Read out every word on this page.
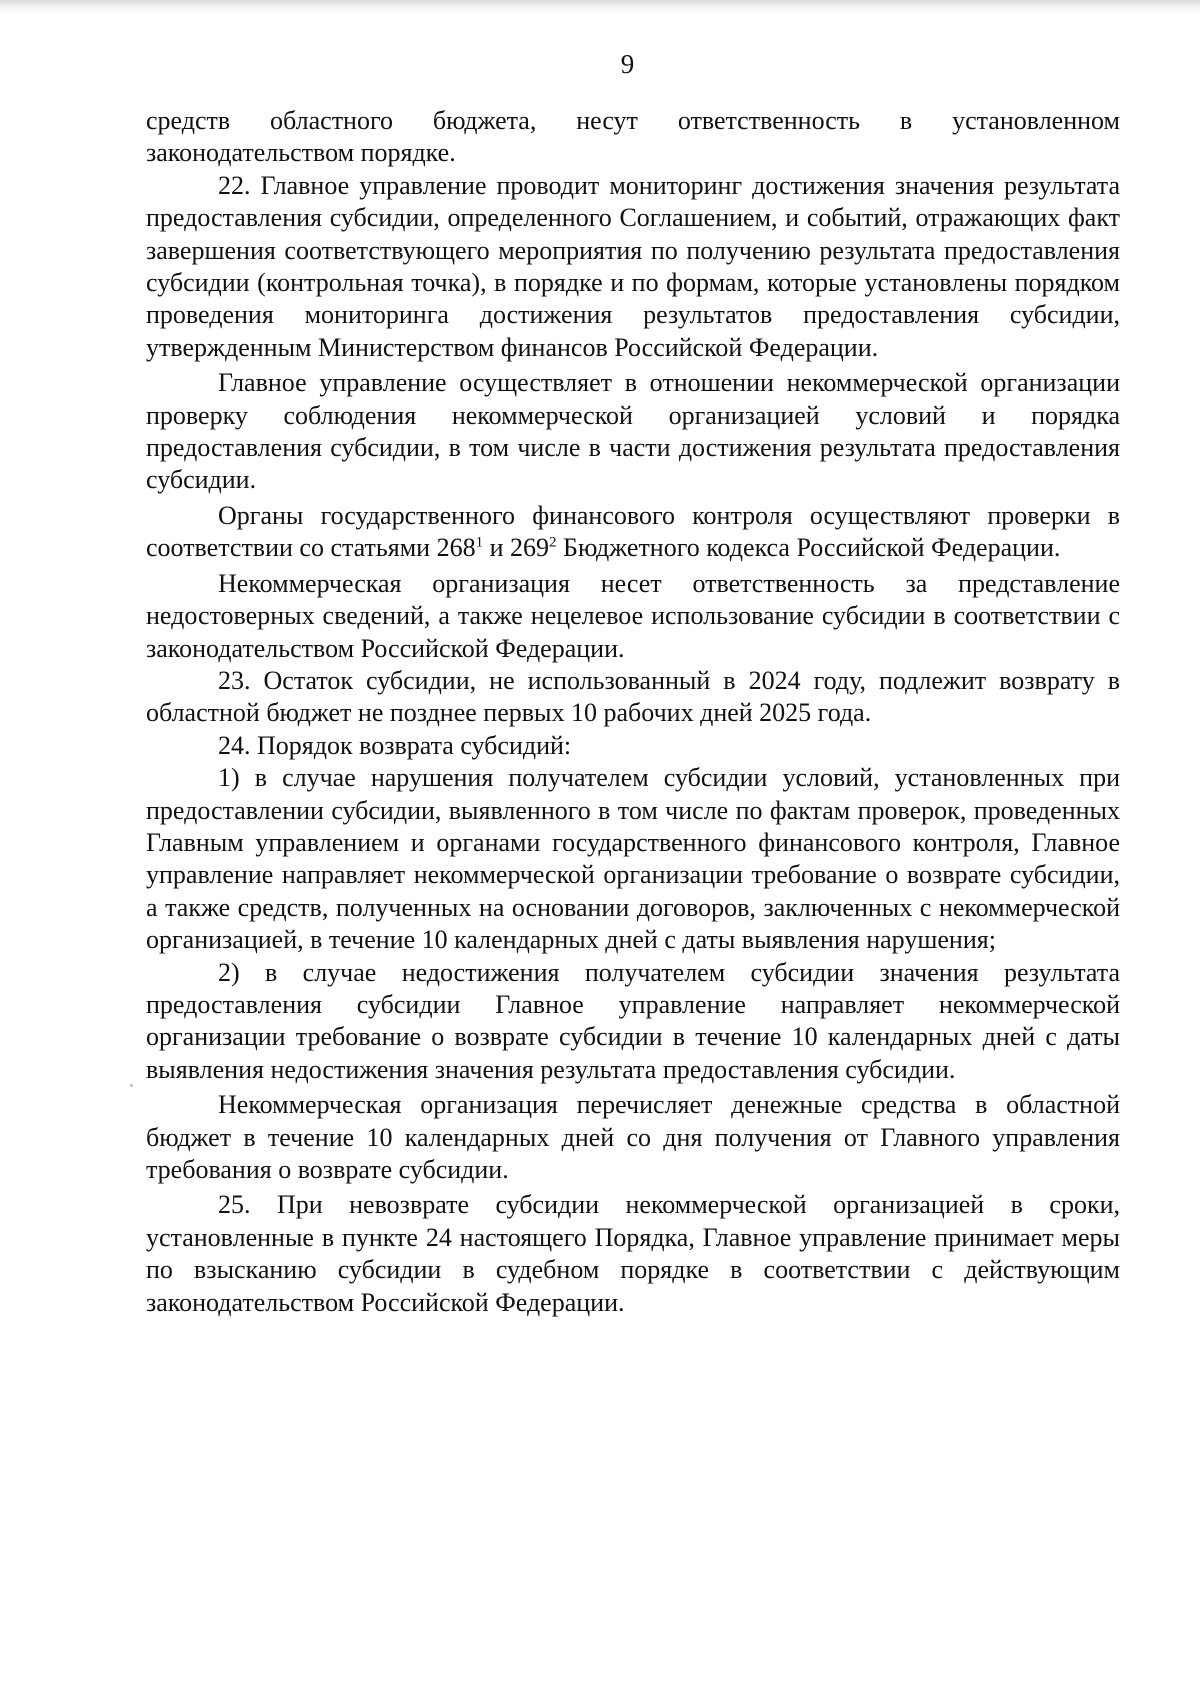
9

средств областного бюджета, несут ответственность в установленном законодательством порядке.

22. Главное управление проводит мониторинг достижения значения результата предоставления субсидии, определенного Соглашением, и событий, отражающих факт завершения соответствующего мероприятия по получению результата предоставления субсидии (контрольная точка), в порядке и по формам, которые установлены порядком проведения мониторинга достижения результатов предоставления субсидии, утвержденным Министерством финансов Российской Федерации.

Главное управление осуществляет в отношении некоммерческой организации проверку соблюдения некоммерческой организацией условий и порядка предоставления субсидии, в том числе в части достижения результата предоставления субсидии.

Органы государственного финансового контроля осуществляют проверки в соответствии со статьями $268^1$ и $269^2$ Бюджетного кодекса Российской Федерации.

Некоммерческая организация несет ответственность за представление недостоверных сведений, а также нецелевое использование субсидии в соответствии с законодательством Российской Федерации.

23. Остаток субсидии, не использованный в 2024 году, подлежит возврату в областной бюджет не позднее первых 10 рабочих дней 2025 года.

24. Порядок возврата субсидий:

1) в случае нарушения получателем субсидии условий, установленных при предоставлении субсидии, выявленного в том числе по фактам проверок, проведенных Главным управлением и органами государственного финансового контроля, Главное управление направляет некоммерческой организации требование о возврате субсидии, а также средств, полученных на основании договоров, заключенных с некоммерческой организацией, в течение 10 календарных дней с даты выявления нарушения;

2) в случае недостижения получателем субсидии значения результата предоставления субсидии Главное управление направляет некоммерческой организации требование о возврате субсидии в течение 10 календарных дней с даты выявления недостижения значения результата предоставления субсидии.

Некоммерческая организация перечисляет денежные средства в областной бюджет в течение 10 календарных дней со дня получения от Главного управления требования о возврате субсидии.

25. При невозврате субсидии некоммерческой организацией в сроки, установленные в пункте 24 настоящего Порядка, Главное управление принимает меры по взысканию субсидии в судебном порядке в соответствии с действующим законодательством Российской Федерации.
